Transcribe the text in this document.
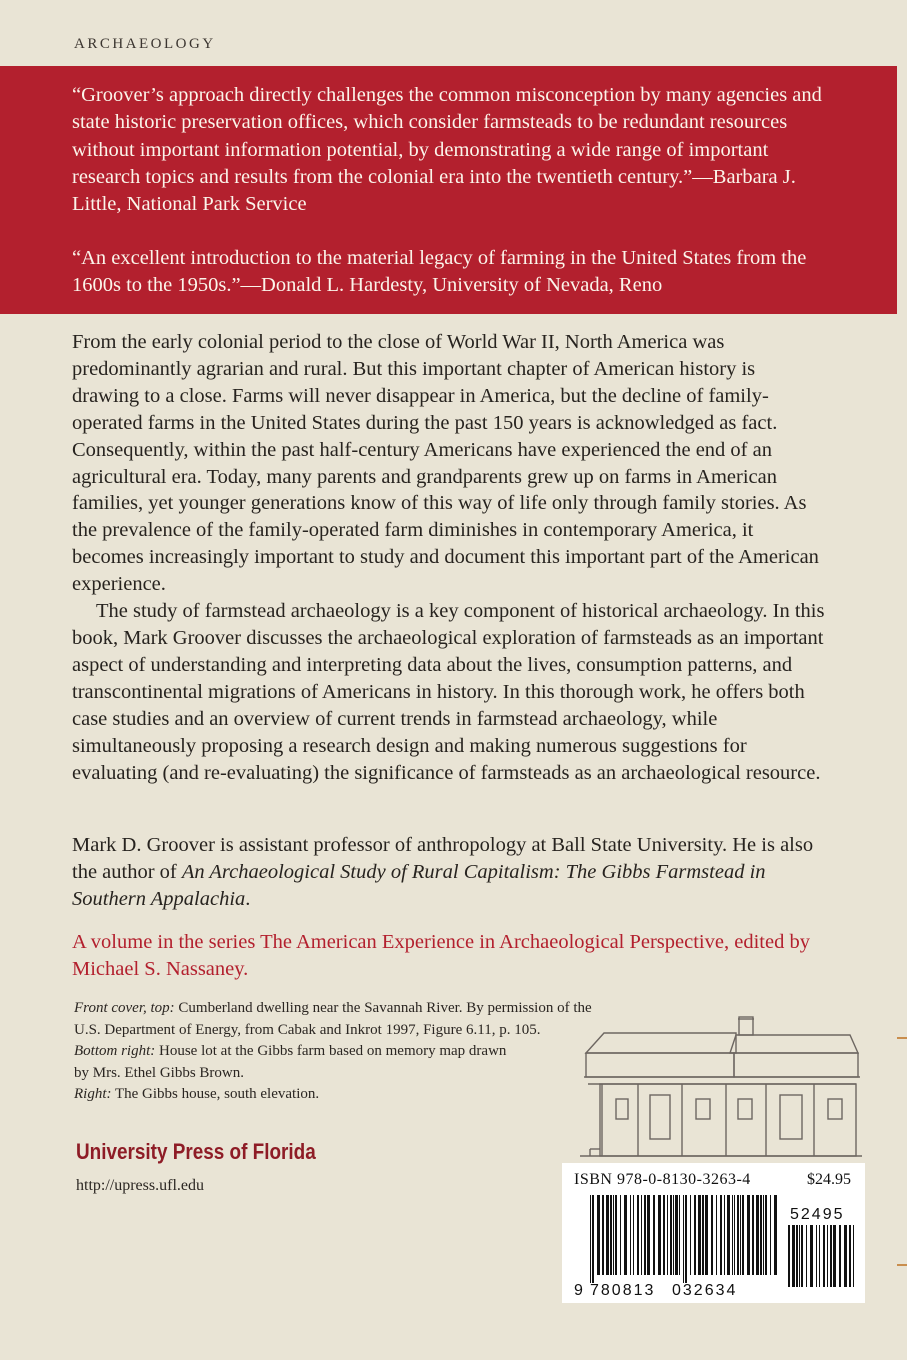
ARCHAEOLOGY

“Groover’s approach directly challenges the common misconception by many agencies and state historic preservation offices, which consider farmsteads to be redundant resources without important information potential, by demonstrating a wide range of important research topics and results from the colonial era into the twentieth century.”—Barbara J. Little, National Park Service

“An excellent introduction to the material legacy of farming in the United States from the 1600s to the 1950s.”—Donald L. Hardesty, University of Nevada, Reno

From the early colonial period to the close of World War II, North America was predominantly agrarian and rural. But this important chapter of American history is drawing to a close. Farms will never disappear in America, but the decline of family-operated farms in the United States during the past 150 years is acknowledged as fact. Consequently, within the past half-century Americans have experienced the end of an agricultural era. Today, many parents and grandparents grew up on farms in American families, yet younger generations know of this way of life only through family stories. As the prevalence of the family-operated farm diminishes in contemporary America, it becomes increasingly important to study and document this important part of the American experience.

The study of farmstead archaeology is a key component of historical archaeology. In this book, Mark Groover discusses the archaeological exploration of farmsteads as an important aspect of understanding and interpreting data about the lives, consumption patterns, and transcontinental migrations of Americans in history. In this thorough work, he offers both case studies and an overview of current trends in farmstead archaeology, while simultaneously proposing a research design and making numerous suggestions for evaluating (and re-evaluating) the significance of farmsteads as an archaeological resource.

Mark D. Groover is assistant professor of anthropology at Ball State University. He is also the author of An Archaeological Study of Rural Capitalism: The Gibbs Farmstead in Southern Appalachia.

A volume in the series The American Experience in Archaeological Perspective, edited by Michael S. Nassaney.

Front cover, top: Cumberland dwelling near the Savannah River. By permission of the
U.S. Department of Energy, from Cabak and Inkrot 1997, Figure 6.11, p. 105.
Bottom right: House lot at the Gibbs farm based on memory map drawn
by Mrs. Ethel Gibbs Brown.
Right: The Gibbs house, south elevation.
University Press of Florida
http://upress.ufl.edu	ISBN 978-0-8130-3263-4	$24.95
9 780813 032634
52495
